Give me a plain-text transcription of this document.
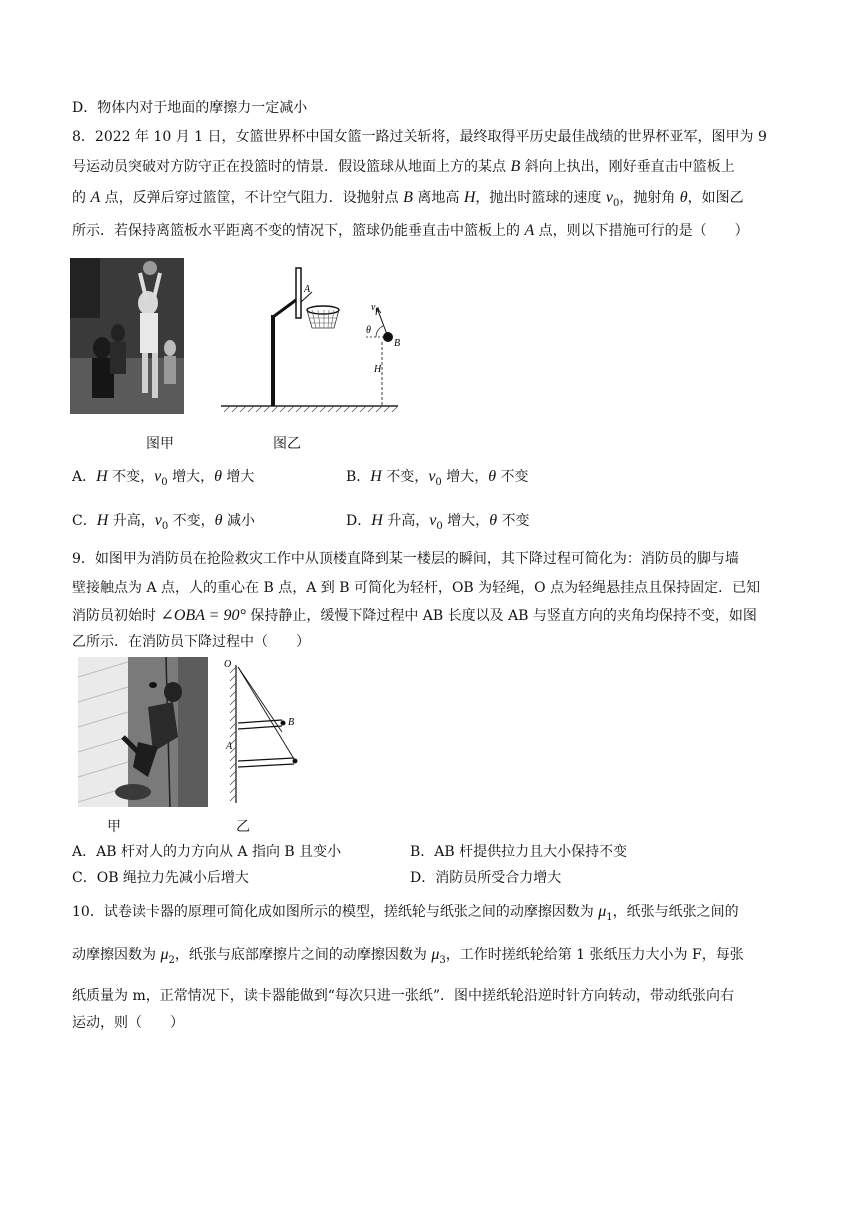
D．物体内对于地面的摩擦力一定减小
8．2022 年 10 月 1 日，女篮世界杯中国女篮一路过关斩将，最终取得平历史最佳战绩的世界杯亚军，图甲为 9
号运动员突破对方防守正在投篮时的情景．假设篮球从地面上方的某点 B 斜向上执出，刚好垂直击中篮板上
的 A 点，反弹后穿过篮筐，不计空气阻力．设抛射点 B 离地高 H，抛出时篮球的速度 $v_0$，抛射角 θ，如图乙
所示．若保持离篮板水平距离不变的情况下，篮球仍能垂直击中篮板上的 A 点，则以下措施可行的是（　　）
A
$v_0$
θ
B
H
图甲	图乙
A．H 不变，$v_0$ 增大，θ 增大	B．H 不变，$v_0$ 增大，θ 不变
C．H 升高，$v_0$ 不变，θ 减小	D．H 升高，$v_0$ 增大，θ 不变
9．如图甲为消防员在抢险救灾工作中从顶楼直降到某一楼层的瞬间，其下降过程可简化为：消防员的脚与墙
壁接触点为 A 点，人的重心在 B 点，A 到 B 可简化为轻杆，OB 为轻绳，O 点为轻绳悬挂点且保持固定．已知
消防员初始时 ∠OBA = 90° 保持静止，缓慢下降过程中 AB 长度以及 AB 与竖直方向的夹角均保持不变，如图
乙所示．在消防员下降过程中（　　）
O
A
B
甲	乙
A．AB 杆对人的力方向从 A 指向 B 且变小	B．AB 杆提供拉力且大小保持不变
C．OB 绳拉力先减小后增大	D．消防员所受合力增大
10．试卷读卡器的原理可简化成如图所示的模型，搓纸轮与纸张之间的动摩擦因数为 $\mu_1$，纸张与纸张之间的
动摩擦因数为 $\mu_2$，纸张与底部摩擦片之间的动摩擦因数为 $\mu_3$，工作时搓纸轮给第 1 张纸压力大小为 F，每张
纸质量为 m，正常情况下，读卡器能做到“每次只进一张纸”．图中搓纸轮沿逆时针方向转动，带动纸张向右
运动，则（　　）
